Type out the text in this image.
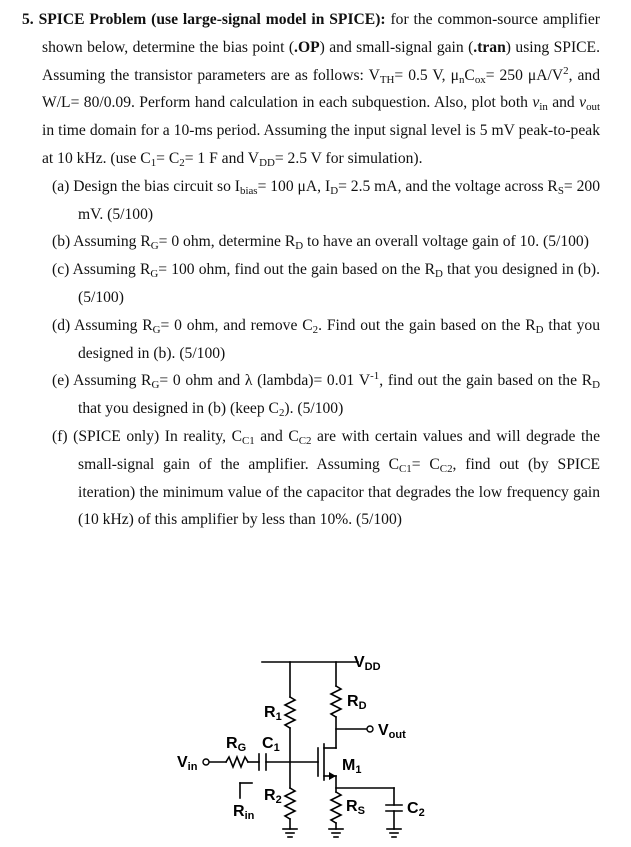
5. SPICE Problem (use large-signal model in SPICE): for the common-source amplifier shown below, determine the bias point (.OP) and small-signal gain (.tran) using SPICE. Assuming the transistor parameters are as follows: $V_{TH}= 0.5$ V, $\mu_nC_{ox}= 250$ $\mu A/V^2$, and W/L= 80/0.09. Perform hand calculation in each subquestion. Also, plot both $v_{in}$ and $v_{out}$ in time domain for a 10-ms period. Assuming the input signal level is 5 mV peak-to-peak at 10 kHz. (use $C_1= C_2= 1$ F and $V_{DD}= 2.5$ V for simulation).

(a) Design the bias circuit so $I_{bias}= 100$ μA, $I_D= 2.5$ mA, and the voltage across $R_S= 200$ mV. (5/100)

(b) Assuming $R_G= 0$ ohm, determine $R_D$ to have an overall voltage gain of 10. (5/100)

(c) Assuming $R_G= 100$ ohm, find out the gain based on the $R_D$ that you designed in (b). (5/100)

(d) Assuming $R_G= 0$ ohm, and remove $C_2$. Find out the gain based on the $R_D$ that you designed in (b). (5/100)

(e) Assuming $R_G= 0$ ohm and λ (lambda)= 0.01 $V^{-1}$, find out the gain based on the $R_D$ that you designed in (b) (keep $C_2$). (5/100)

(f) (SPICE only) In reality, $C_{C1}$ and $C_{C2}$ are with certain values and will degrade the small-signal gain of the amplifier. Assuming $C_{C1}= C_{C2}$, find out (by SPICE iteration) the minimum value of the capacitor that degrades the low frequency gain (10 kHz) of this amplifier by less than 10%. (5/100)

VDD
RD
R1
C1
RG
Vin
Vout
M1
R2
Rin
RS	C2
